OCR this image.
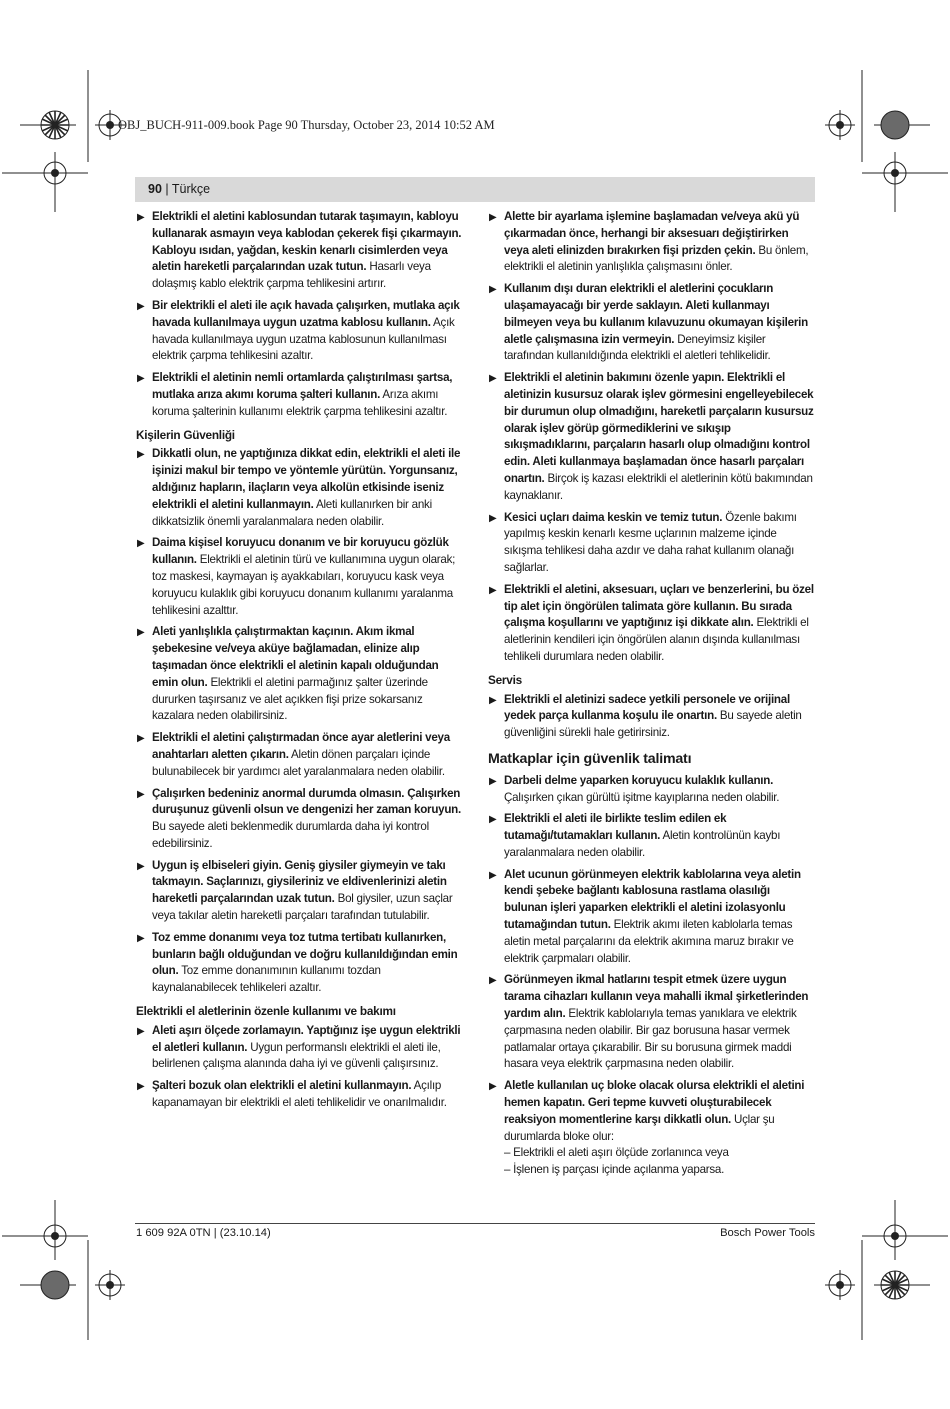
OBJ_BUCH-911-009.book Page 90 Thursday, October 23, 2014 10:52 AM
90 | Türkçe
▶ Elektrikli el aletini kablosundan tutarak taşımayın, kabloyu kullanarak asmayın veya kablodan çekerek fişi çıkarmayın. Kabloyu ısıdan, yağdan, keskin kenarlı cisimlerden veya aletin hareketli parçalarından uzak tutun. Hasarlı veya dolaşmış kablo elektrik çarpma tehlikesini artırır.
▶ Bir elektrikli el aleti ile açık havada çalışırken, mutlaka açık havada kullanılmaya uygun uzatma kablosu kullanın. Açık havada kullanılmaya uygun uzatma kablosunun kullanılması elektrik çarpma tehlikesini azaltır.
▶ Elektrikli el aletinin nemli ortamlarda çalıştırılması şartsa, mutlaka arıza akımı koruma şalteri kullanın. Arıza akımı koruma şalterinin kullanımı elektrik çarpma tehlikesini azaltır.
Kişilerin Güvenliği
▶ Dikkatli olun, ne yaptığınıza dikkat edin, elektrikli el aleti ile işinizi makul bir tempo ve yöntemle yürütün. Yorgunsanız, aldığınız hapların, ilaçların veya alkolün etkisinde iseniz elektrikli el aletini kullanmayın. Aleti kullanırken bir anki dikkatsizlik önemli yaralanmalara neden olabilir.
▶ Daima kişisel koruyucu donanım ve bir koruyucu gözlük kullanın. Elektrikli el aletinin türü ve kullanımına uygun olarak; toz maskesi, kaymayan iş ayakkabıları, koruyucu kask veya koruyucu kulaklık gibi koruyucu donanım kullanımı yaralanma tehlikesini azalttır.
▶ Aleti yanlışlıkla çalıştırmaktan kaçının. Akım ikmal şebekesine ve/veya aküye bağlamadan, elinize alıp taşımadan önce elektrikli el aletinin kapalı olduğundan emin olun. Elektrikli el aletini parmağınız şalter üzerinde dururken taşırsanız ve alet açıkken fişi prize sokarsanız kazalara neden olabilirsiniz.
▶ Elektrikli el aletini çalıştırmadan önce ayar aletlerini veya anahtarları aletten çıkarın. Aletin dönen parçaları içinde bulunabilecek bir yardımcı alet yaralanmalara neden olabilir.
▶ Çalışırken bedeniniz anormal durumda olmasın. Çalışırken duruşunuz güvenli olsun ve dengenizi her zaman koruyun. Bu sayede aleti beklenmedik durumlarda daha iyi kontrol edebilirsiniz.
▶ Uygun iş elbiseleri giyin. Geniş giysiler giymeyin ve takı takmayın. Saçlarınızı, giysileriniz ve eldivenlerinizi aletin hareketli parçalarından uzak tutun. Bol giysiler, uzun saçlar veya takılar aletin hareketli parçaları tarafından tutulabilir.
▶ Toz emme donanımı veya toz tutma tertibatı kullanırken, bunların bağlı olduğundan ve doğru kullanıldığından emin olun. Toz emme donanımının kullanımı tozdan kaynalanabilecek tehlikeleri azaltır.
Elektrikli el aletlerinin özenle kullanımı ve bakımı
▶ Aleti aşırı ölçede zorlamayın. Yaptığınız işe uygun elektrikli el aletleri kullanın. Uygun performanslı elektrikli el aleti ile, belirlenen çalışma alanında daha iyi ve güvenli çalışırsınız.
▶ Şalteri bozuk olan elektrikli el aletini kullanmayın. Açılıp kapanamayan bir elektrikli el aleti tehlikelidir ve onarılmalıdır.
▶ Alette bir ayarlama işlemine başlamadan ve/veya akü yü çıkarmadan önce, herhangi bir aksesuarı değiştirirken veya aleti elinizden bırakırken fişi prizden çekin. Bu önlem, elektrikli el aletinin yanlışlıkla çalışmasını önler.
▶ Kullanım dışı duran elektrikli el aletlerini çocukların ulaşamayacağı bir yerde saklayın. Aleti kullanmayı bilmeyen veya bu kullanım kılavuzunu okumayan kişilerin aletle çalışmasına izin vermeyin. Deneyimsiz kişiler tarafından kullanıldığında elektrikli el aletleri tehlikelidir.
▶ Elektrikli el aletinin bakımını özenle yapın. Elektrikli el aletinizin kusursuz olarak işlev görmesini engelleyebilecek bir durumun olup olmadığını, hareketli parçaların kusursuz olarak işlev görüp görmediklerini ve sıkışıp sıkışmadıklarını, parçaların hasarlı olup olmadığını kontrol edin. Aleti kullanmaya başlamadan önce hasarlı parçaları onartın. Birçok iş kazası elektrikli el aletlerinin kötü bakımından kaynaklanır.
▶ Kesici uçları daima keskin ve temiz tutun. Özenle bakımı yapılmış keskin kenarlı kesme uçlarının malzeme içinde sıkışma tehlikesi daha azdır ve daha rahat kullanım olanağı sağlarlar.
▶ Elektrikli el aletini, aksesuarı, uçları ve benzerlerini, bu özel tip alet için öngörülen talimata göre kullanın. Bu sırada çalışma koşullarını ve yaptığınız işi dikkate alın. Elektrikli el aletlerinin kendileri için öngörülen alanın dışında kullanılması tehlikeli durumlara neden olabilir.
Servis
▶ Elektrikli el aletinizi sadece yetkili personele ve orijinal yedek parça kullanma koşulu ile onartın. Bu sayede aletin güvenliğini sürekli hale getirirsiniz.
Matkaplar için güvenlik talimatı
▶ Darbeli delme yaparken koruyucu kulaklık kullanın. Çalışırken çıkan gürültü işitme kayıplarına neden olabilir.
▶ Elektrikli el aleti ile birlikte teslim edilen ek tutamağı/tutamakları kullanın. Aletin kontrolünün kaybı yaralanmalara neden olabilir.
▶ Alet ucunun görünmeyen elektrik kablolarına veya aletin kendi şebeke bağlantı kablosuna rastlama olasılığı bulunan işleri yaparken elektrikli el aletini izolasyonlu tutamağından tutun. Elektrik akımı ileten kablolarla temas aletin metal parçalarını da elektrik akımına maruz bırakır ve elektrik çarpmaları olabilir.
▶ Görünmeyen ikmal hatlarını tespit etmek üzere uygun tarama cihazları kullanın veya mahalli ikmal şirketlerinden yardım alın. Elektrik kablolarıyla temas yanıklara ve elektrik çarpmasına neden olabilir. Bir gaz borusuna hasar vermek patlamalar ortaya çıkarabilir. Bir su borusuna girmek maddi hasara veya elektrik çarpmasına neden olabilir.
▶ Aletle kullanılan uç bloke olacak olursa elektrikli el aletini hemen kapatın. Geri tepme kuvveti oluşturabilecek reaksiyon momentlerine karşı dikkatli olun. Uçlar şu durumlarda bloke olur:
– Elektrikli el aleti aşırı ölçüde zorlanınca veya
– İşlenen iş parçası içinde açılanma yaparsa.
1 609 92A 0TN | (23.10.14)	Bosch Power Tools
